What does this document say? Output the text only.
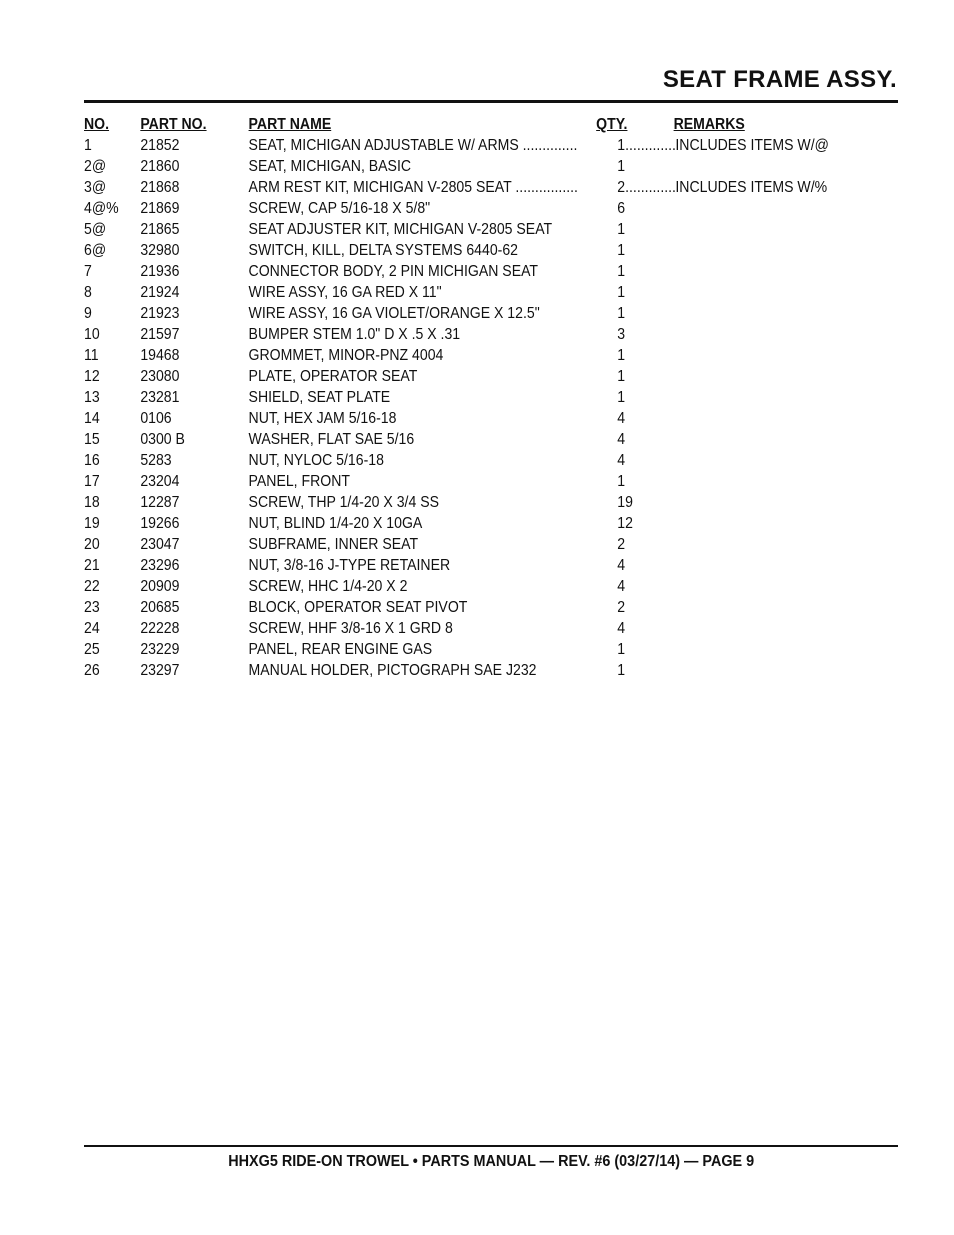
SEAT FRAME ASSY.
NO. PART NO.	PART NAME	QTY.	REMARKS
1	21852	SEAT, MICHIGAN ADJUSTABLE W/ ARMS .............. 1............. INCLUDES ITEMS W/@
2@ 21860	SEAT, MICHIGAN, BASIC	1
3@ 21868	ARM REST KIT, MICHIGAN V-2805 SEAT ................ 2............. INCLUDES ITEMS W/%
4@% 21869	SCREW, CAP 5/16-18 X 5/8"	6
5@ 21865	SEAT ADJUSTER KIT, MICHIGAN V-2805 SEAT	1
6@ 32980	SWITCH, KILL, DELTA SYSTEMS 6440-62	1
7	21936	CONNECTOR BODY, 2 PIN MICHIGAN SEAT	1
8	21924	WIRE ASSY, 16 GA RED X 11"	1
9	21923	WIRE ASSY, 16 GA VIOLET/ORANGE X 12.5"	1
10	21597	BUMPER STEM 1.0" D X .5 X .31	3
11	19468	GROMMET, MINOR-PNZ 4004	1
12	23080	PLATE, OPERATOR SEAT	1
13	23281	SHIELD, SEAT PLATE	1
14	0106	NUT, HEX JAM 5/16-18	4
15	0300 B	WASHER, FLAT SAE 5/16	4
16	5283	NUT, NYLOC 5/16-18	4
17	23204	PANEL, FRONT	1
18	12287	SCREW, THP 1/4-20 X 3/4 SS	19
19	19266	NUT, BLIND 1/4-20 X 10GA	12
20	23047	SUBFRAME, INNER SEAT	2
21	23296	NUT, 3/8-16 J-TYPE RETAINER	4
22	20909	SCREW, HHC 1/4-20 X 2	4
23	20685	BLOCK, OPERATOR SEAT PIVOT	2
24	22228	SCREW, HHF 3/8-16 X 1 GRD 8	4
25	23229	PANEL, REAR ENGINE GAS	1
26	23297	MANUAL HOLDER, PICTOGRAPH SAE J232	1
HHXG5 RIDE-ON TROWEL • PARTS MANUAL — REV. #6 (03/27/14) — PAGE 9
